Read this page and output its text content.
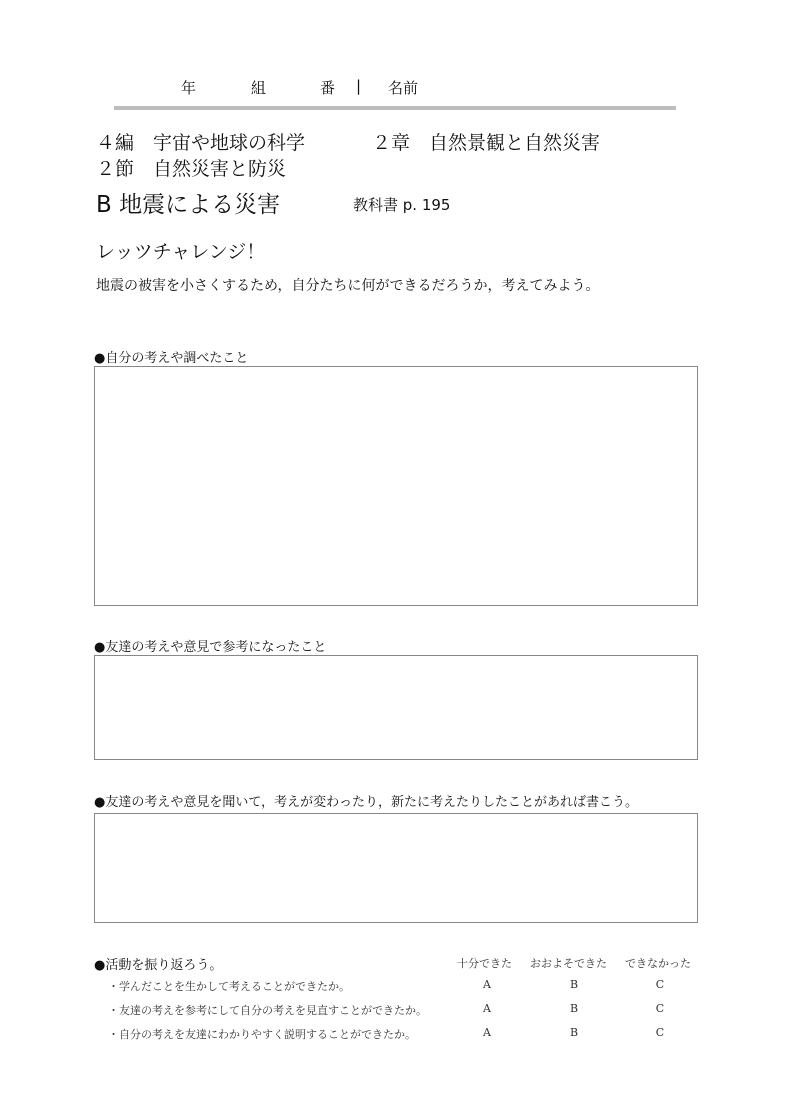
年	組	番 | 名前
４編　宇宙や地球の科学	２章　自然景観と自然災害
２節　自然災害と防災
B 地震による災害	教科書 p. 195
レッツチャレンジ！
地震の被害を小さくするため，自分たちに何ができるだろうか，考えてみよう。
●自分の考えや調べたこと
●友達の考えや意見で参考になったこと
●友達の考えや意見を聞いて，考えが変わったり，新たに考えたりしたことがあれば書こう。
●活動を振り返ろう。	十分できた おおよそできた できなかった
・学んだことを生かして考えることができたか。	A	B	C
・友達の考えを参考にして自分の考えを見直すことができたか。	A	B	C
・自分の考えを友達にわかりやすく説明することができたか。	A	B	C
